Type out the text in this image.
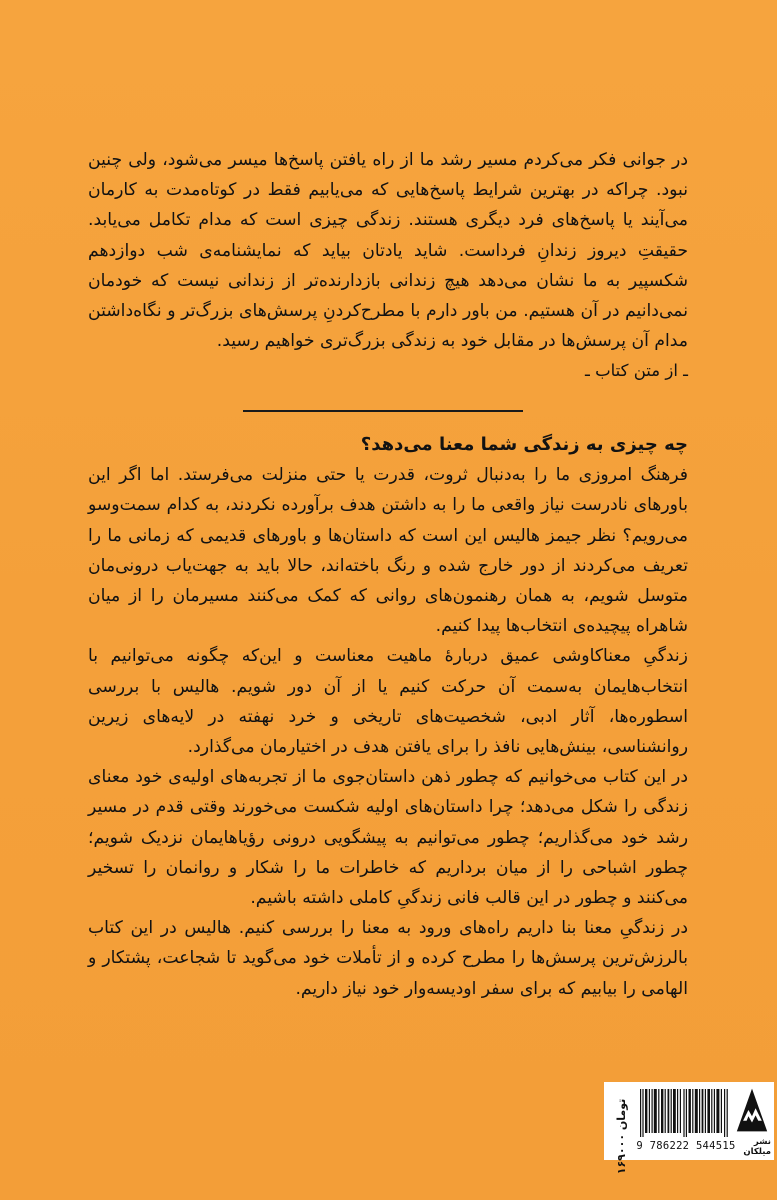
در جوانی فکر می‌کردم مسیر رشد ما از راه یافتن پاسخ‌ها میسر می‌شود، ولی چنین نبود. چراکه در بهترین شرایط پاسخ‌هایی که می‌یابیم فقط در کوتاه‌مدت به کارمان می‌آیند یا پاسخ‌های فرد دیگری هستند. زندگی چیزی است که مدام تکامل می‌یابد. حقیقتِ دیروز زندانِ فرداست. شاید یادتان بیاید که نمایشنامه‌ی شب دوازدهم شکسپیر به ما نشان می‌دهد هیچ زندانی بازدارنده‌تر از زندانی نیست که خودمان نمی‌دانیم در آن هستیم. من باور دارم با مطرح‌کردنِ پرسش‌های بزرگ‌تر و نگاه‌داشتن مدام آن پرسش‌ها در مقابل خود به زندگی بزرگ‌تری خواهیم رسید.

ـ از متن کتاب ـ

چه چیزی به زندگی شما معنا می‌دهد؟

فرهنگ امروزی ما را به‌دنبال ثروت، قدرت یا حتی منزلت می‌فرستد. اما اگر این باورهای نادرست نیاز واقعی ما را به داشتن هدف برآورده نکردند، به کدام سمت‌وسو می‌رویم؟ نظر جیمز هالیس این است که داستان‌ها و باورهای قدیمی که زمانی ما را تعریف می‌کردند از دور خارج شده و رنگ باخته‌اند، حالا باید به جهت‌یاب درونی‌مان متوسل شویم، به همان رهنمون‌های روانی که کمک می‌کنند مسیرمان را از میان شاهراه پیچیده‌ی انتخاب‌ها پیدا کنیم.

زندگیِ معناکاوشی عمیق دربارهٔ ماهیت معناست و این‌که چگونه می‌توانیم با انتخاب‌هایمان به‌سمت آن حرکت کنیم یا از آن دور شویم. هالیس با بررسی اسطوره‌ها، آثار ادبی، شخصیت‌های تاریخی و خرد نهفته در لایه‌های زیرین روانشناسی، بینش‌هایی نافذ را برای یافتن هدف در اختیارمان می‌گذارد.

در این کتاب می‌خوانیم که چطور ذهن داستان‌جوی ما از تجربه‌های اولیه‌ی خود معنای زندگی را شکل می‌دهد؛ چرا داستان‌های اولیه شکست می‌خورند وقتی قدم در مسیر رشد خود می‌گذاریم؛ چطور می‌توانیم به پیشگویی درونی رؤیاهایمان نزدیک شویم؛ چطور اشباحی را از میان برداریم که خاطرات ما را شکار و روانمان را تسخیر می‌کنند و چطور در این قالب فانی زندگیِ کاملی داشته باشیم.

در زندگیِ معنا بنا داریم راه‌های ورود به معنا را بررسی کنیم. هالیس در این کتاب بالرزش‌ترین پرسش‌ها را مطرح کرده و از تأملات خود می‌گوید تا شجاعت، پشتکار و الهامی را بیابیم که برای سفر اودیسه‌وار خود نیاز داریم.

۱۶۹۰۰۰ تومان
9 786222 544515	نشر میلکان
